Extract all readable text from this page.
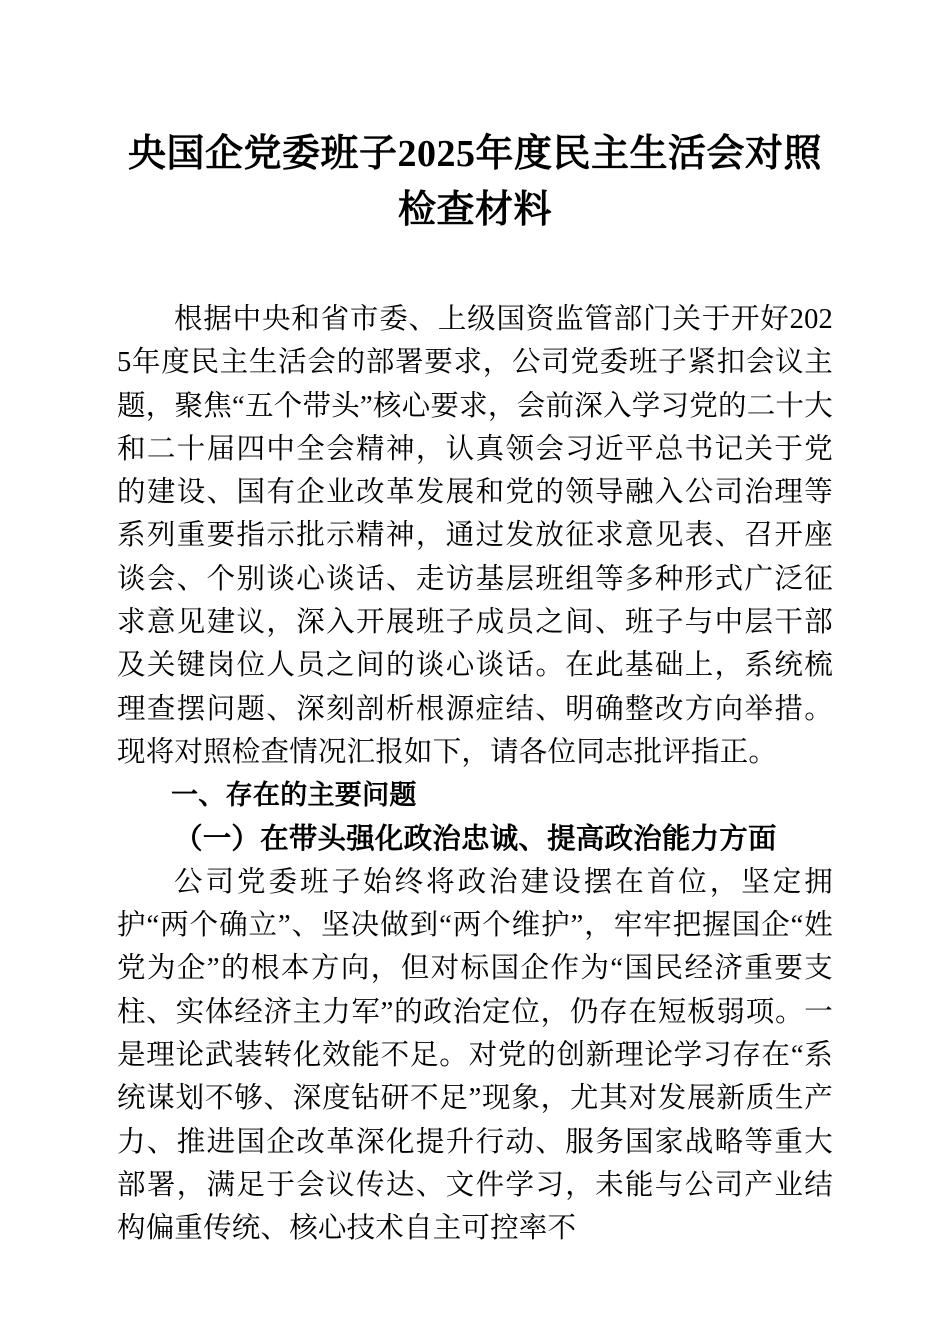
央国企党委班子2025年度民主生活会对照检查材料

根据中央和省市委、上级国资监管部门关于开好2025年度民主生活会的部署要求，公司党委班子紧扣会议主题，聚焦“五个带头”核心要求，会前深入学习党的二十大和二十届四中全会精神，认真领会习近平总书记关于党的建设、国有企业改革发展和党的领导融入公司治理等系列重要指示批示精神，通过发放征求意见表、召开座谈会、个别谈心谈话、走访基层班组等多种形式广泛征求意见建议，深入开展班子成员之间、班子与中层干部及关键岗位人员之间的谈心谈话。在此基础上，系统梳理查摆问题、深刻剖析根源症结、明确整改方向举措。现将对照检查情况汇报如下，请各位同志批评指正。

一、存在的主要问题
（一）在带头强化政治忠诚、提高政治能力方面

公司党委班子始终将政治建设摆在首位，坚定拥护“两个确立”、坚决做到“两个维护”，牢牢把握国企“姓党为企”的根本方向，但对标国企作为“国民经济重要支柱、实体经济主力军”的政治定位，仍存在短板弱项。一是理论武装转化效能不足。对党的创新理论学习存在“系统谋划不够、深度钻研不足”现象，尤其对发展新质生产力、推进国企改革深化提升行动、服务国家战略等重大部署，满足于会议传达、文件学习，未能与公司产业结构偏重传统、核心技术自主可控率不
